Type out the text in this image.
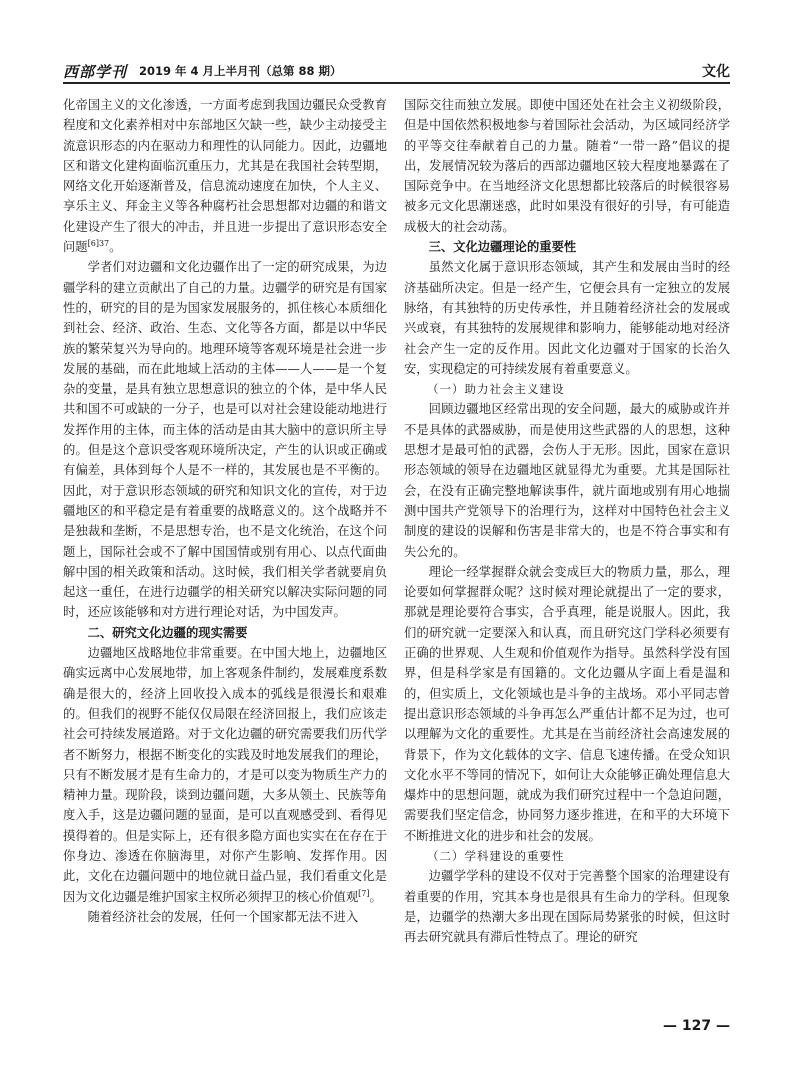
西部学刊 2019 年 4 月上半月刊（总第 88 期）	文化

化帝国主义的文化渗透，一方面考虑到我国边疆民众受教育程度和文化素养相对中东部地区欠缺一些，缺少主动接受主流意识形态的内在驱动力和理性的认同能力。因此，边疆地区和谐文化建构面临沉重压力，尤其是在我国社会转型期，网络文化开始逐渐普及，信息流动速度在加快，个人主义、享乐主义、拜金主义等各种腐朽社会思想都对边疆的和谐文化建设产生了很大的冲击，并且进一步提出了意识形态安全问题$^{[6]37}$。

学者们对边疆和文化边疆作出了一定的研究成果，为边疆学科的建立贡献出了自己的力量。边疆学的研究是有国家性的，研究的目的是为国家发展服务的，抓住核心本质细化到社会、经济、政治、生态、文化等各方面，都是以中华民族的繁荣复兴为导向的。地理环境等客观环境是社会进一步发展的基础，而在此地域上活动的主体——人——是一个复杂的变量，是具有独立思想意识的独立的个体，是中华人民共和国不可或缺的一分子，也是可以对社会建设能动地进行发挥作用的主体，而主体的活动是由其大脑中的意识所主导的。但是这个意识受客观环境所决定，产生的认识或正确或有偏差，具体到每个人是不一样的，其发展也是不平衡的。因此，对于意识形态领域的研究和知识文化的宣传，对于边疆地区的和平稳定是有着重要的战略意义的。这个战略并不是独裁和垄断，不是思想专治，也不是文化统治，在这个问题上，国际社会或不了解中国国情或别有用心、以点代面曲解中国的相关政策和活动。这时候，我们相关学者就要肩负起这一重任，在进行边疆学的相关研究以解决实际问题的同时，还应该能够和对方进行理论对话，为中国发声。

二、研究文化边疆的现实需要

边疆地区战略地位非常重要。在中国大地上，边疆地区确实远离中心发展地带，加上客观条件制约，发展难度系数确是很大的，经济上回收投入成本的弧线是很漫长和艰难的。但我们的视野不能仅仅局限在经济回报上，我们应该走社会可持续发展道路。对于文化边疆的研究需要我们历代学者不断努力，根据不断变化的实践及时地发展我们的理论，只有不断发展才是有生命力的，才是可以变为物质生产力的精神力量。现阶段，谈到边疆问题，大多从领土、民族等角度入手，这是边疆问题的显面，是可以直观感受到、看得见摸得着的。但是实际上，还有很多隐方面也实实在在存在于你身边、渗透在你脑海里，对你产生影响、发挥作用。因此，文化在边疆问题中的地位就日益凸显，我们看重文化是因为文化边疆是维护国家主权所必须捍卫的核心价值观[7]。

随着经济社会的发展，任何一个国家都无法不进入

国际交往而独立发展。即使中国还处在社会主义初级阶段，但是中国依然积极地参与着国际社会活动，为区域同经济学的平等交往奉献着自己的力量。随着“一带一路”倡议的提出，发展情况较为落后的西部边疆地区较大程度地暴露在了国际竞争中。在当地经济文化思想都比较落后的时候很容易被多元文化思潮迷惑，此时如果没有很好的引导，有可能造成极大的社会动荡。

三、文化边疆理论的重要性

虽然文化属于意识形态领域，其产生和发展由当时的经济基础所决定。但是一经产生，它便会具有一定独立的发展脉络，有其独特的历史传承性，并且随着经济社会的发展或兴或衰，有其独特的发展规律和影响力，能够能动地对经济社会产生一定的反作用。因此文化边疆对于国家的长治久安，实现稳定的可持续发展有着重要意义。

（一）助力社会主义建设

回顾边疆地区经常出现的安全问题，最大的威胁或许并不是具体的武器威胁，而是使用这些武器的人的思想，这种思想才是最可怕的武器，会伤人于无形。因此，国家在意识形态领域的领导在边疆地区就显得尤为重要。尤其是国际社会，在没有正确完整地解读事件，就片面地或别有用心地揣测中国共产党领导下的治理行为，这样对中国特色社会主义制度的建设的误解和伤害是非常大的，也是不符合事实和有失公允的。

理论一经掌握群众就会变成巨大的物质力量，那么，理论要如何掌握群众呢？这时候对理论就提出了一定的要求，那就是理论要符合事实，合乎真理，能是说服人。因此，我们的研究就一定要深入和认真，而且研究这门学科必须要有正确的世界观、人生观和价值观作为指导。虽然科学没有国界，但是科学家是有国籍的。文化边疆从字面上看是温和的，但实质上，文化领域也是斗争的主战场。邓小平同志曾提出意识形态领域的斗争再怎么严重估计都不足为过，也可以理解为文化的重要性。尤其是在当前经济社会高速发展的背景下，作为文化载体的文字、信息飞速传播。在受众知识文化水平不等同的情况下，如何让大众能够正确处理信息大爆炸中的思想问题，就成为我们研究过程中一个急迫问题，需要我们坚定信念，协同努力逐步推进，在和平的大环境下不断推进文化的进步和社会的发展。

（二）学科建设的重要性

边疆学学科的建设不仅对于完善整个国家的治理建设有着重要的作用，究其本身也是很具有生命力的学科。但现象是，边疆学的热潮大多出现在国际局势紧张的时候，但这时再去研究就具有滞后性特点了。理论的研究

— 127 —
